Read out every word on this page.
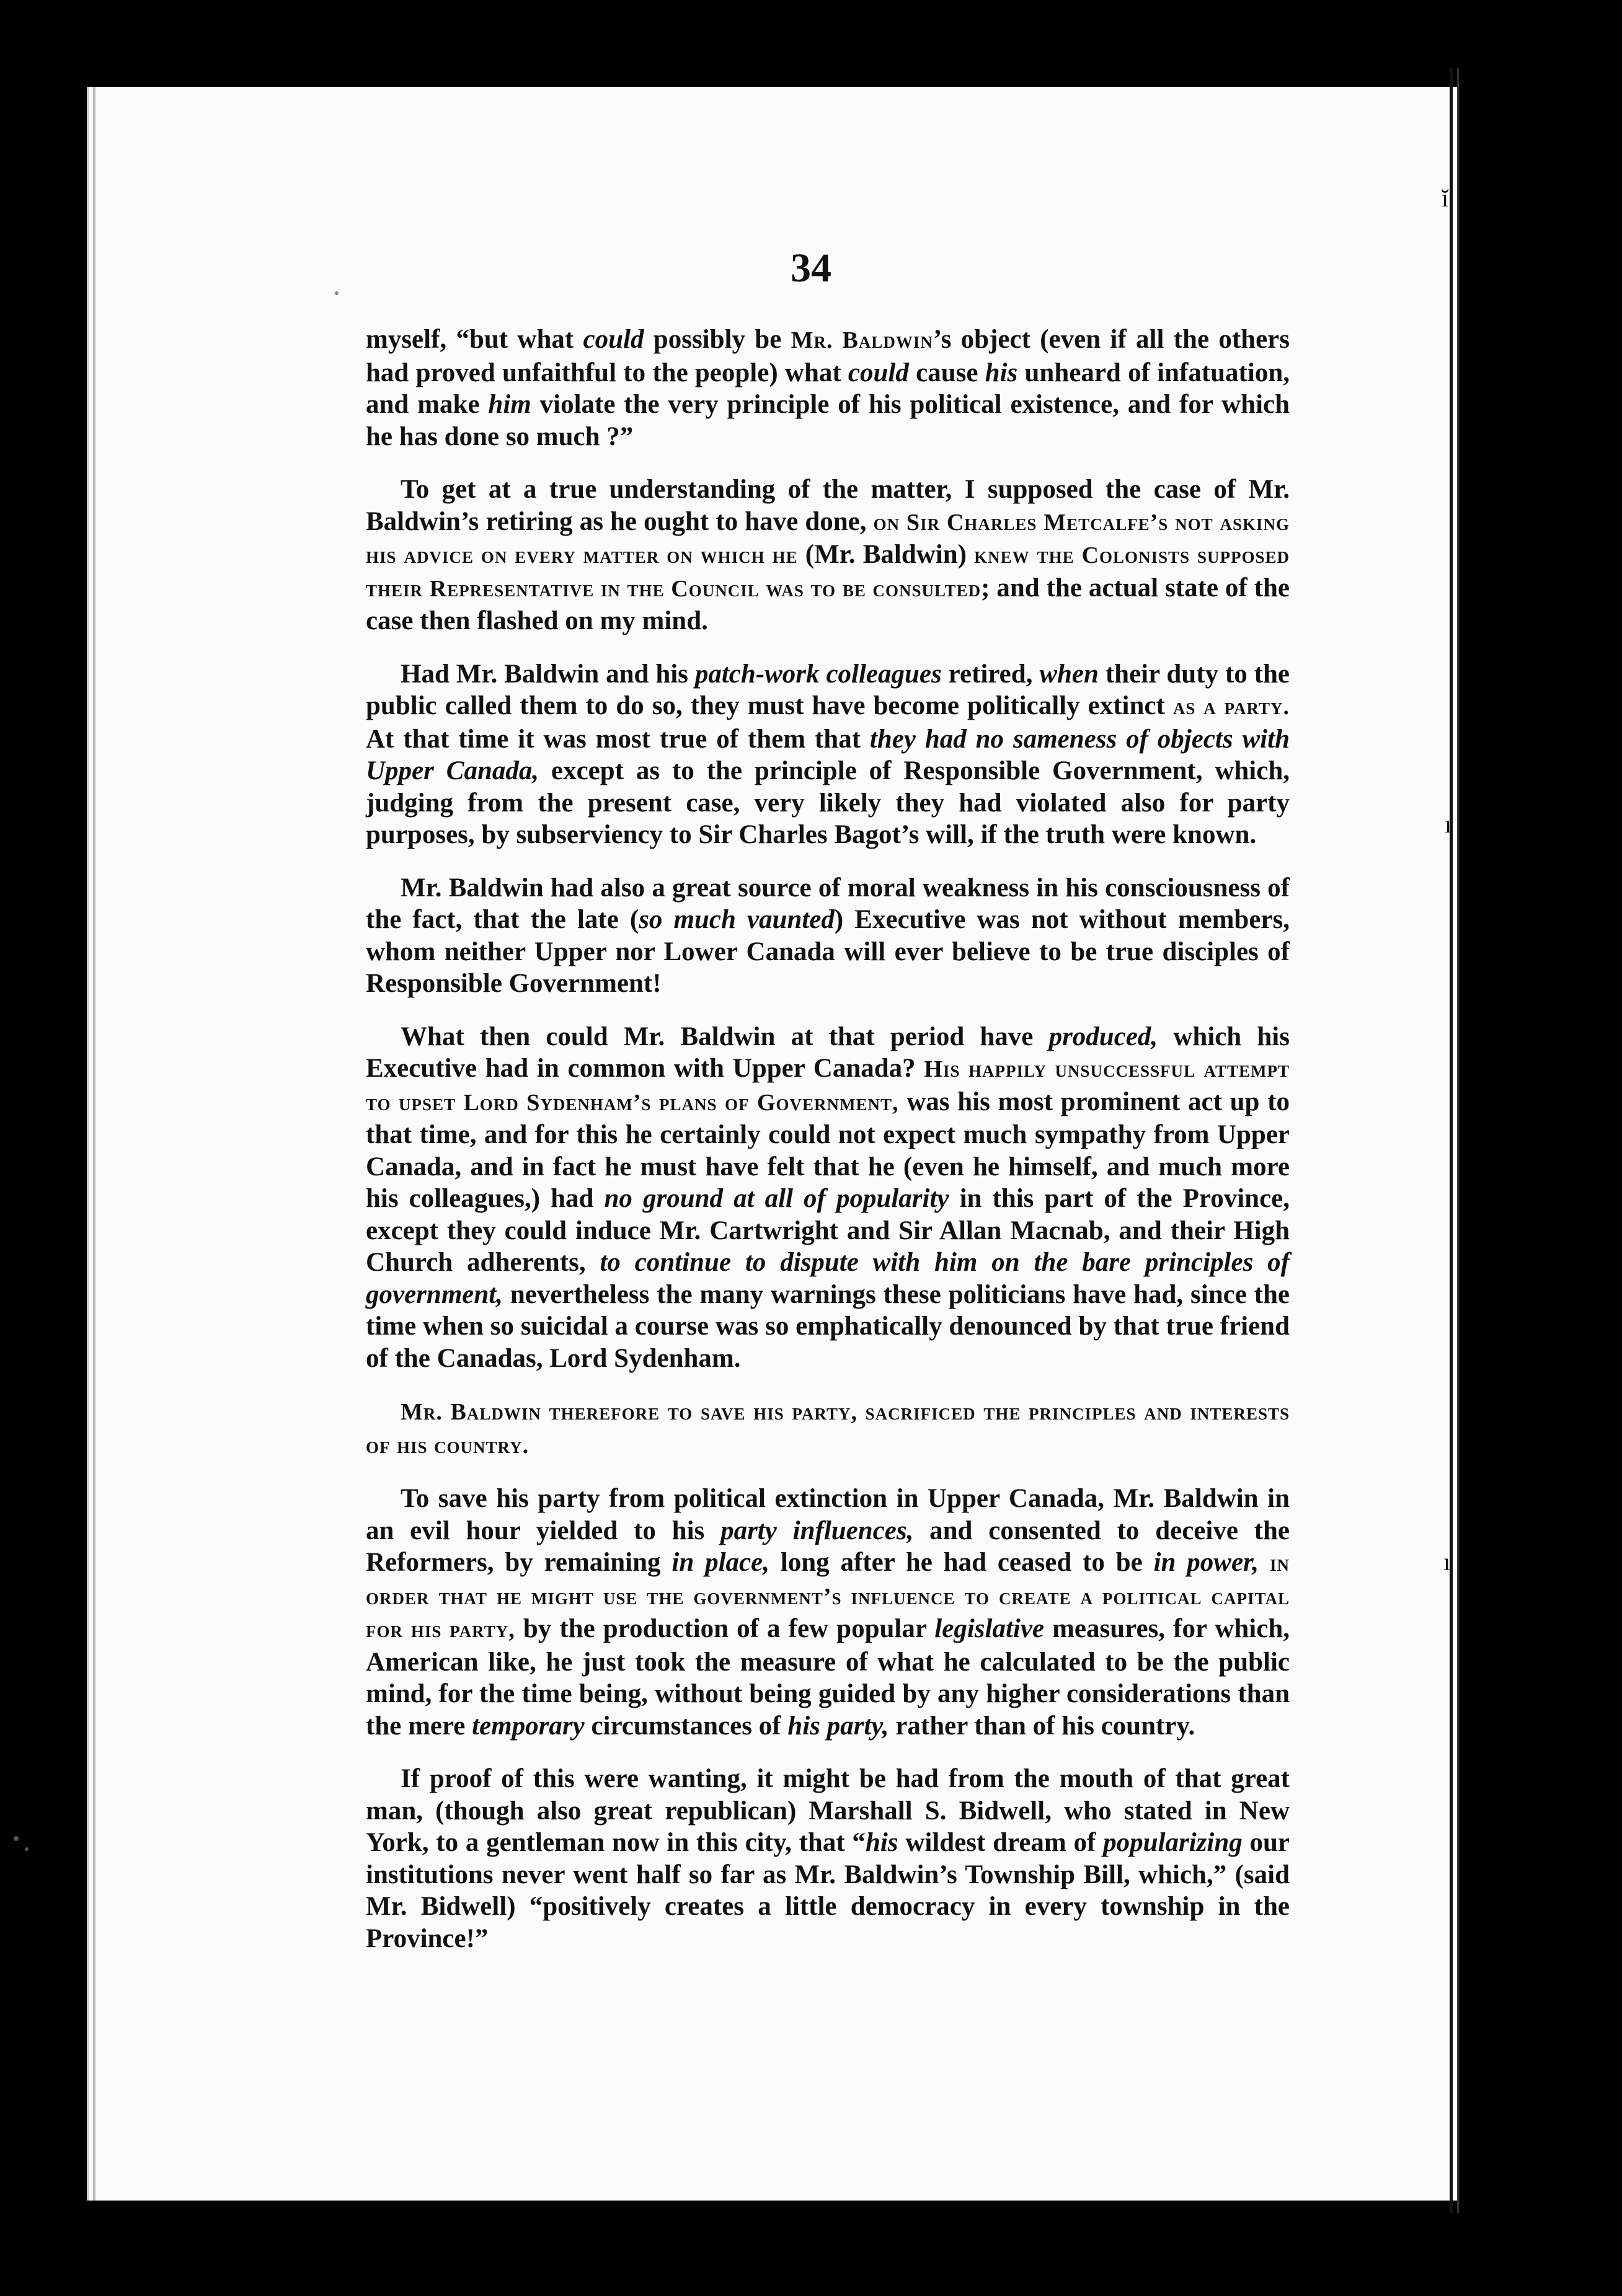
ĭ
ı
ı
34

myself, “but what could possibly be Mr. Baldwin’s object (even if all the others had proved unfaithful to the people) what could cause his unheard of infatuation, and make him violate the very principle of his political existence, and for which he has done so much ?”

To get at a true understanding of the matter, I supposed the case of Mr. Baldwin’s retiring as he ought to have done, on Sir Charles Metcalfe’s not asking his advice on every matter on which he (Mr. Baldwin) knew the Colonists supposed their Representative in the Council was to be consulted; and the actual state of the case then flashed on my mind.

Had Mr. Baldwin and his patch-work colleagues retired, when their duty to the public called them to do so, they must have become politically extinct as a party. At that time it was most true of them that they had no sameness of objects with Upper Canada, except as to the principle of Responsible Government, which, judging from the present case, very likely they had violated also for party purposes, by subserviency to Sir Charles Bagot’s will, if the truth were known.

Mr. Baldwin had also a great source of moral weakness in his consciousness of the fact, that the late (so much vaunted) Executive was not without members, whom neither Upper nor Lower Canada will ever believe to be true disciples of Responsible Government!

What then could Mr. Baldwin at that period have produced, which his Executive had in common with Upper Canada? His happily unsuccessful attempt to upset Lord Sydenham’s plans of Government, was his most prominent act up to that time, and for this he certainly could not expect much sympathy from Upper Canada, and in fact he must have felt that he (even he himself, and much more his colleagues,) had no ground at all of popularity in this part of the Province, except they could induce Mr. Cartwright and Sir Allan Macnab, and their High Church adherents, to continue to dispute with him on the bare principles of government, nevertheless the many warnings these politicians have had, since the time when so suicidal a course was so emphatically denounced by that true friend of the Canadas, Lord Sydenham.

Mr. Baldwin therefore to save his party, sacrificed the principles and interests of his country.

To save his party from political extinction in Upper Canada, Mr. Baldwin in an evil hour yielded to his party influences, and consented to deceive the Reformers, by remaining in place, long after he had ceased to be in power, in order that he might use the government’s influence to create a political capital for his party, by the production of a few popular legislative measures, for which, American like, he just took the measure of what he calculated to be the public mind, for the time being, without being guided by any higher considerations than the mere temporary circumstances of his party, rather than of his country.

If proof of this were wanting, it might be had from the mouth of that great man, (though also great republican) Marshall S. Bidwell, who stated in New York, to a gentleman now in this city, that “his wildest dream of popularizing our institutions never went half so far as Mr. Baldwin’s Township Bill, which,” (said Mr. Bidwell) “positively creates a little democracy in every township in the Province!”
